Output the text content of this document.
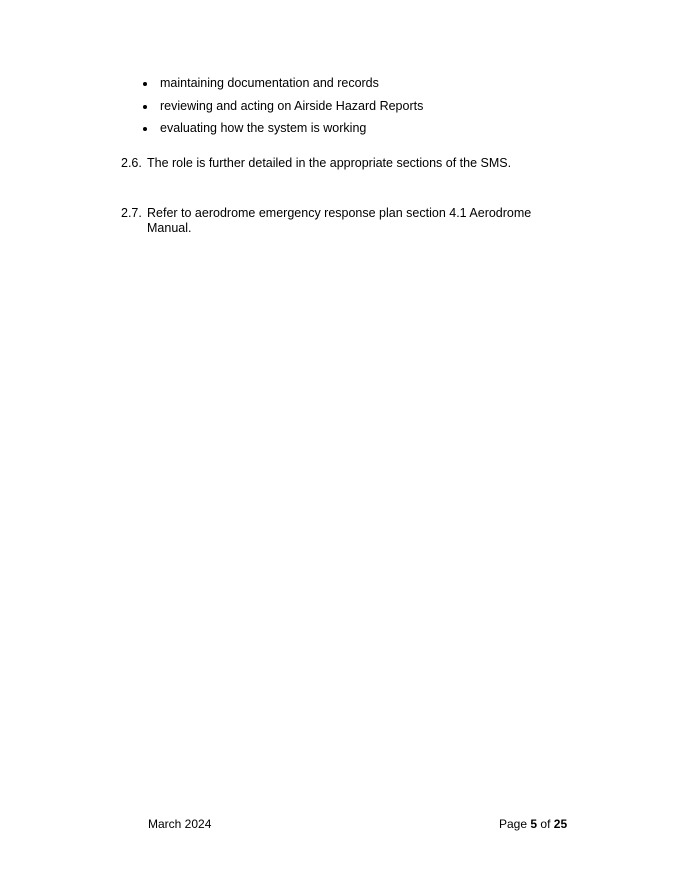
maintaining documentation and records
reviewing and acting on Airside Hazard Reports
evaluating how the system is working
2.6. The role is further detailed in the appropriate sections of the SMS.
2.7. Refer to aerodrome emergency response plan section 4.1 Aerodrome Manual.
March 2024	Page 5 of 25
